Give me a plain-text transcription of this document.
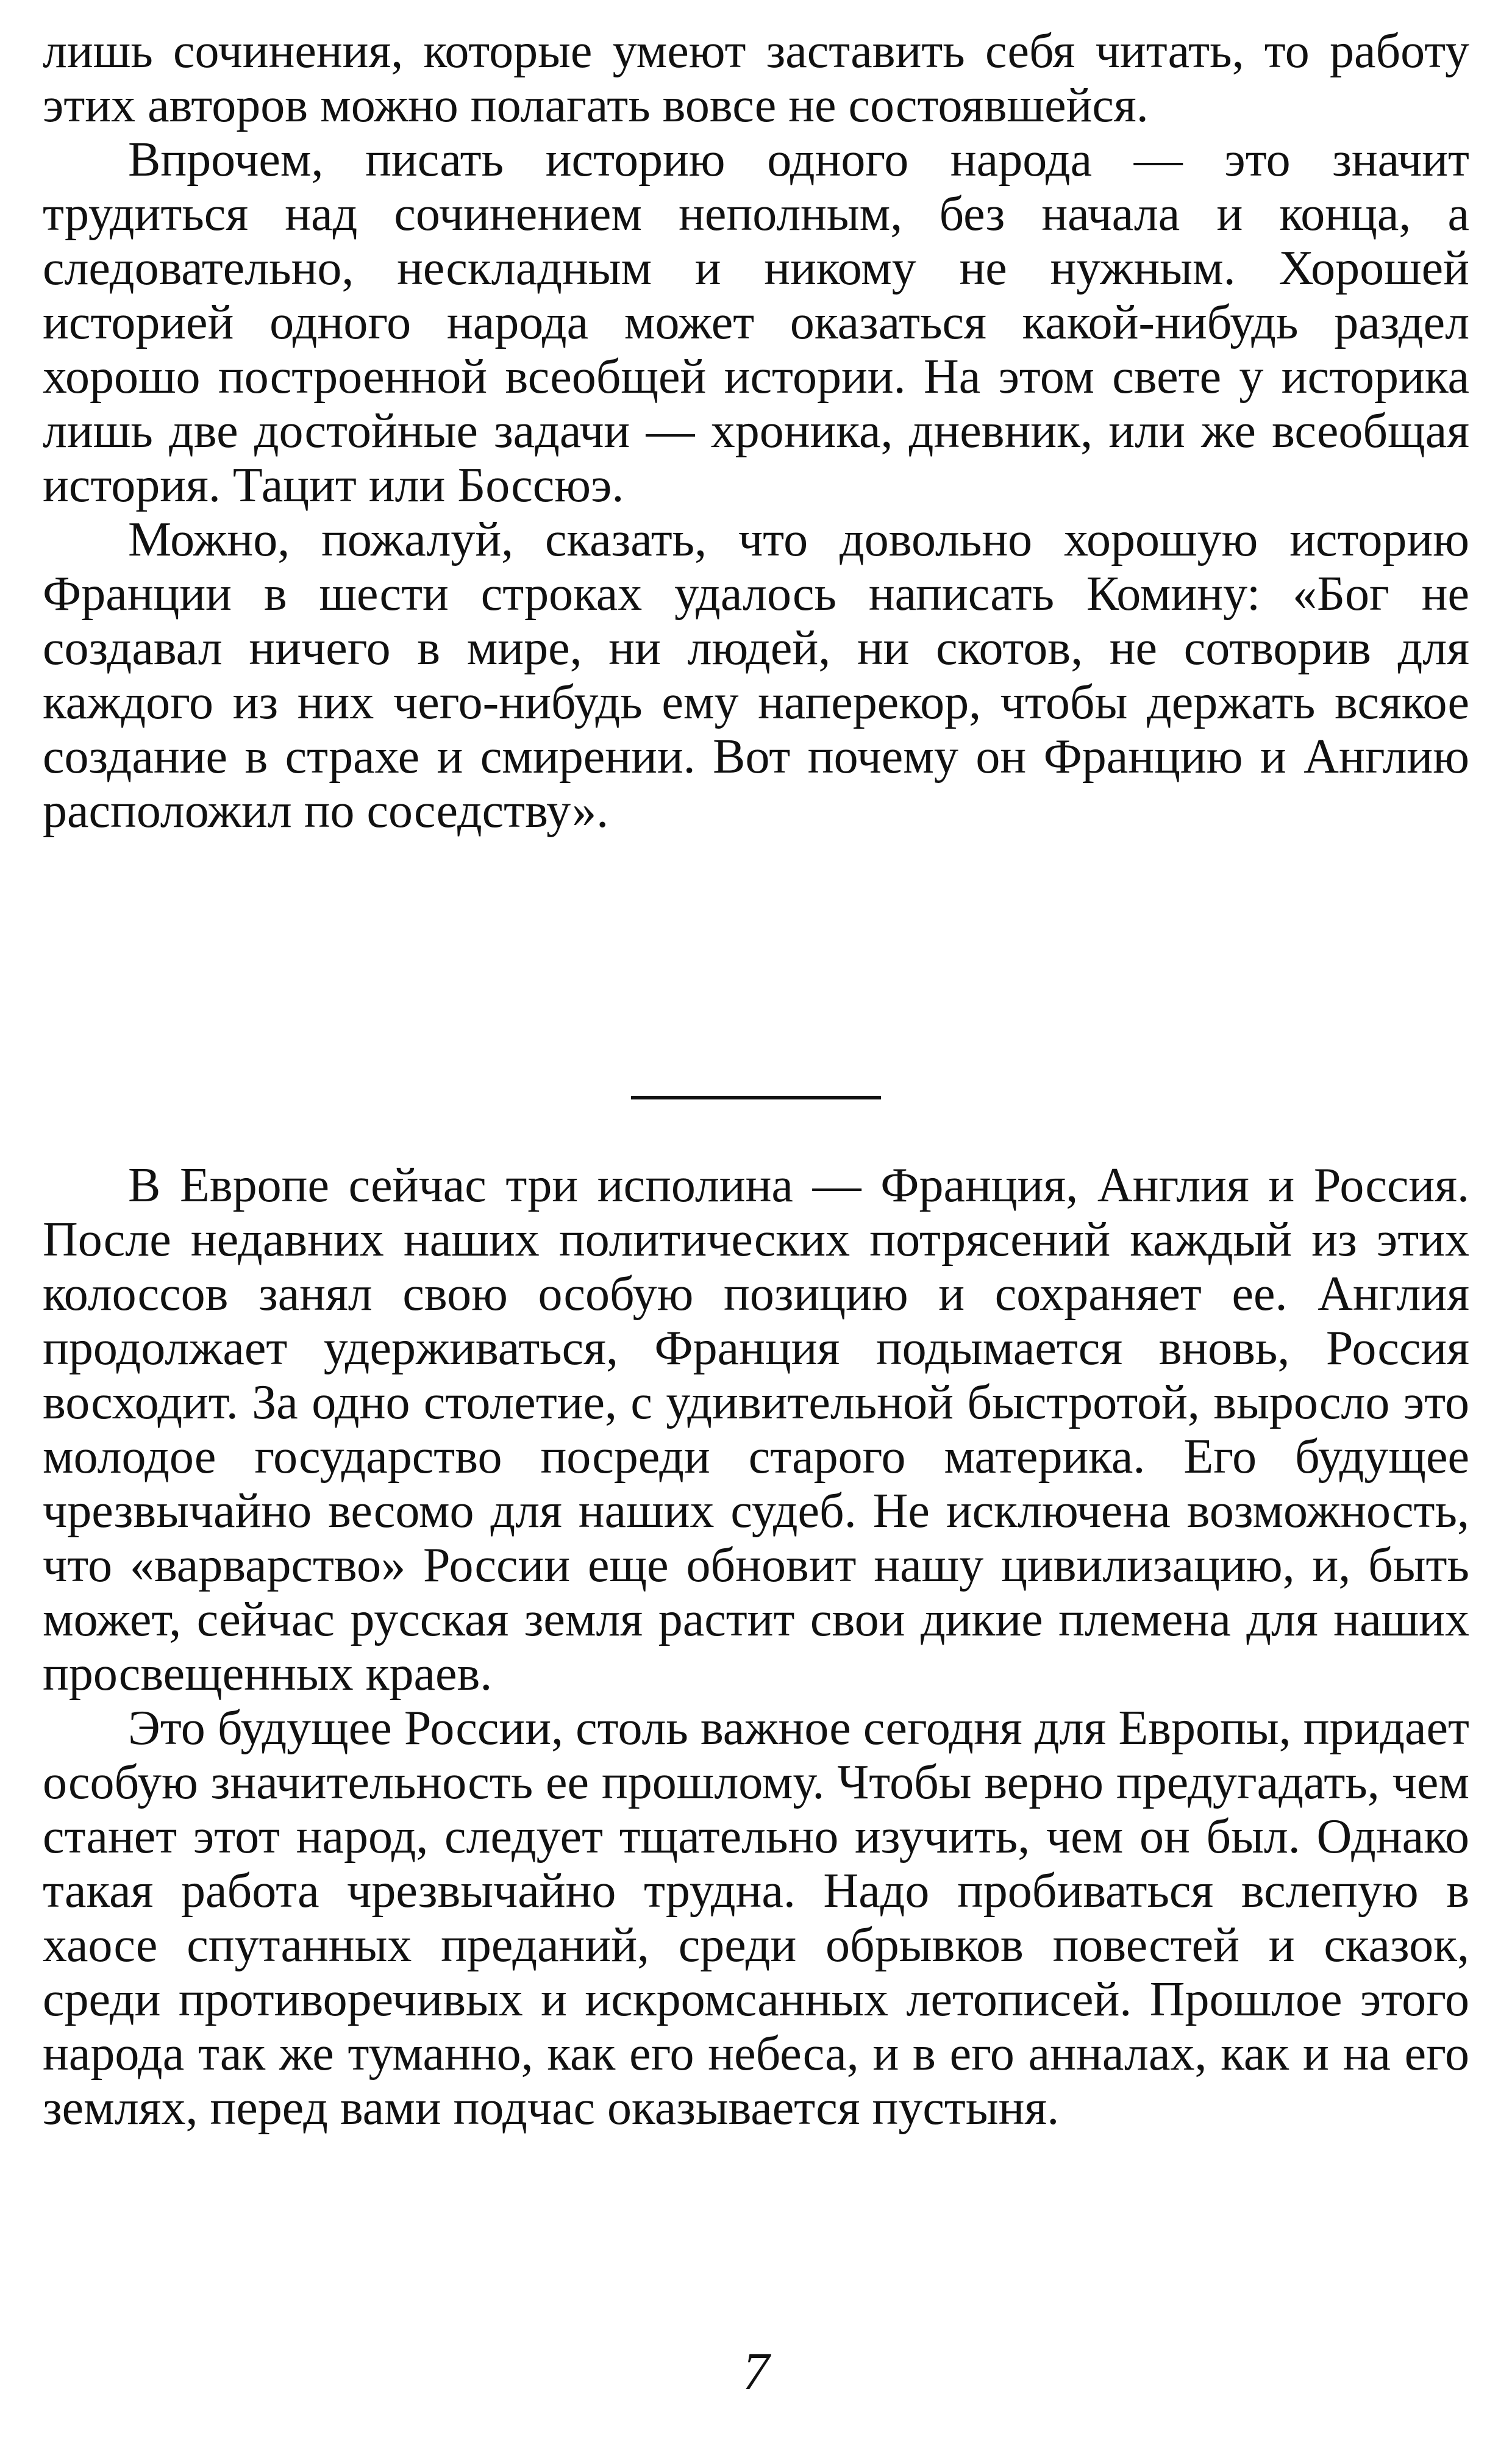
лишь сочинения, которые умеют заставить себя читать, то работу этих авторов можно полагать вовсе не состоявшейся.

Впрочем, писать историю одного народа — это значит трудиться над сочинением неполным, без начала и конца, а следовательно, нескладным и никому не нужным. Хорошей историей одного народа может оказаться какой-нибудь раздел хорошо построенной всеобщей истории. На этом свете у историка лишь две достойные задачи — хроника, дневник, или же всеобщая история. Тацит или Боссюэ.

Можно, пожалуй, сказать, что довольно хорошую историю Франции в шести строках удалось написать Комину: «Бог не создавал ничего в мире, ни людей, ни скотов, не сотворив для каждого из них чего-нибудь ему наперекор, чтобы держать всякое создание в страхе и смирении. Вот почему он Францию и Англию расположил по соседству».

В Европе сейчас три исполина — Франция, Англия и Россия. После недавних наших политических потрясений каждый из этих колоссов занял свою особую позицию и сохраняет ее. Англия продолжает удерживаться, Франция подымается вновь, Россия восходит. За одно столетие, с удивительной быстротой, выросло это молодое государство посреди старого материка. Его будущее чрезвычайно весомо для наших судеб. Не исключена возможность, что «варварство» России еще обновит нашу цивилизацию, и, быть может, сейчас русская земля растит свои дикие племена для наших просвещенных краев.

Это будущее России, столь важное сегодня для Европы, придает особую значительность ее прошлому. Чтобы верно предугадать, чем станет этот народ, следует тщательно изучить, чем он был. Однако такая работа чрезвычайно трудна. Надо пробиваться вслепую в хаосе спутанных преданий, среди обрывков повестей и сказок, среди противоречивых и искромсанных летописей. Прошлое этого народа так же туманно, как его небеса, и в его анналах, как и на его землях, перед вами подчас оказывается пустыня.

7
